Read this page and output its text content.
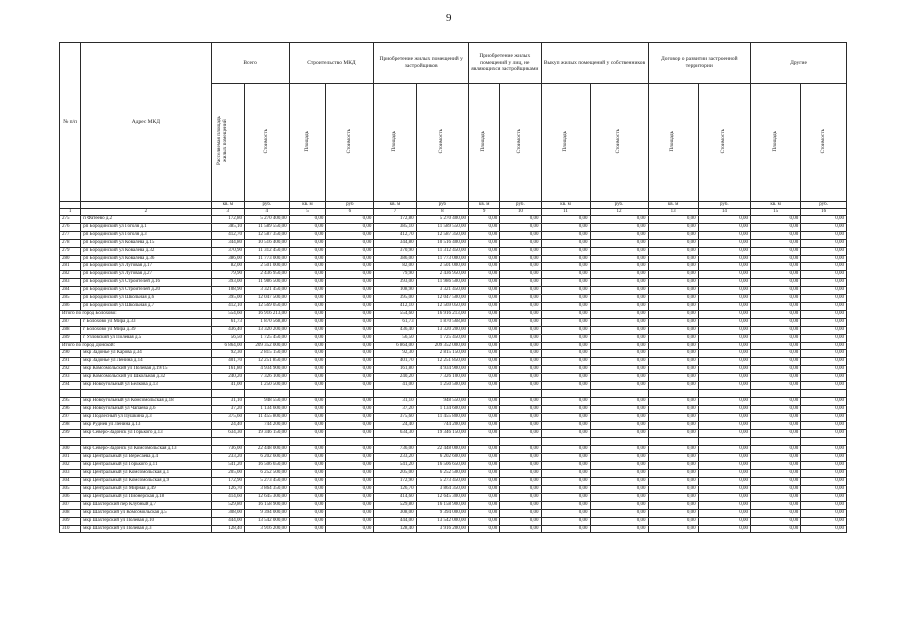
9
№ п/п	Адрес МКД	Всего		Строительство МКД		Приобретение жилых помещений у застройщиков		Приобретение жилых помещений у лиц, не являющихся застройщиками		Выкуп жилых помещений у собственников		Договор о развитии застроенной территории		Другие	
		Расселяемая площадь жилых помещений	Стоимость	Площадь	Стоимость	Площадь	Стоимость	Площадь	Стоимость	Площадь	Стоимость	Площадь	Стоимость	Площадь	Стоимость
		кв. м	руб.	кв. м	руб	кв. м	руб	кв. м	руб.	кв. м	руб.	кв. м	руб.	кв. м	руб.
1	2	3	4	5	6	7	8	9	10	11	12	13	14	15	16
275	п Фатеево д.2	172,80	5 270 400,00	0,00	0,00	172,80	5 270 400,00	0,00	0,00	0,00	0,00	0,00	0,00	0,00	0,00
276	рп Бородинский ул Гоголя д.1	385,10	11 589 550,00	0,00	0,00	385,10	11 589 550,00	0,00	0,00	0,00	0,00	0,00	0,00	0,00	0,00
277	рп Бородинский ул Гоголя д.3	412,70	12 587 350,00	0,00	0,00	412,70	12 587 350,00	0,00	0,00	0,00	0,00	0,00	0,00	0,00	0,00
278	рп Бородинский ул Ковалева д.15	344,80	10 516 400,00	0,00	0,00	344,80	10 516 400,00	0,00	0,00	0,00	0,00	0,00	0,00	0,00	0,00
279	рп Бородинский ул Ковалева д.32	370,90	11 312 450,00	0,00	0,00	370,90	11 312 450,00	0,00	0,00	0,00	0,00	0,00	0,00	0,00	0,00
280	рп Бородинский ул Ковалева д.36	386,00	11 773 000,00	0,00	0,00	386,00	11 773 000,00	0,00	0,00	0,00	0,00	0,00	0,00	0,00	0,00
281	рп Бородинский ул Луговая д.17	82,00	2 501 000,00	0,00	0,00	82,00	2 501 000,00	0,00	0,00	0,00	0,00	0,00	0,00	0,00	0,00
282	рп Бородинский ул Луговая д.27	79,90	2 436 950,00	0,00	0,00	79,90	2 436 950,00	0,00	0,00	0,00	0,00	0,00	0,00	0,00	0,00
283	рп Бородинский ул Строителей д.16	393,00	11 986 500,00	0,00	0,00	393,00	11 986 500,00	0,00	0,00	0,00	0,00	0,00	0,00	0,00	0,00
284	рп Бородинский ул Строителей д.20	108,90	3 321 450,00	0,00	0,00	108,90	3 321 450,00	0,00	0,00	0,00	0,00	0,00	0,00	0,00	0,00
285	рп Бородинский ул Школьная д.6	395,00	12 047 500,00	0,00	0,00	395,00	12 047 500,00	0,00	0,00	0,00	0,00	0,00	0,00	0,00	0,00
286	рп Бородинский ул Школьная д.7	412,10	12 569 050,00	0,00	0,00	412,10	12 569 050,00	0,00	0,00	0,00	0,00	0,00	0,00	0,00	0,00
Итого по город Болохово:		554,60	16 916 213,00	0,00	0,00	554,60	16 916 213,00	0,00	0,00	0,00	0,00	0,00	0,00	0,00	0,00
287	г Болохово ул Мира д.33	61,73	1 870 568,80	0,00	0,00	61,73	1 870 568,80	0,00	0,00	0,00	0,00	0,00	0,00	0,00	0,00
288	г Болохово ул Мира д.39	436,40	13 320 200,00	0,00	0,00	436,40	13 320 200,00	0,00	0,00	0,00	0,00	0,00	0,00	0,00	0,00
289	г Узловский ул Полевая д.5	56,50	1 725 450,00	0,00	0,00	56,50	1 725 450,00	0,00	0,00	0,00	0,00	0,00	0,00	0,00	0,00
Итого по город Донской:		6 864,00	209 352 000,00	0,00	0,00	6 864,00	209 352 000,00	0,00	0,00	0,00	0,00	0,00	0,00	0,00	0,00
290	мкр Задонье ул Карова д.34	92,30	2 815 150,00	0,00	0,00	92,30	2 815 150,00	0,00	0,00	0,00	0,00	0,00	0,00	0,00	0,00
291	мкр Задонье ул Ленина д.14	401,70	12 251 850,00	0,00	0,00	401,70	12 251 850,00	0,00	0,00	0,00	0,00	0,00	0,00	0,00	0,00
292	мкр Комсомольский ул Полевая д.19/15	161,80	4 934 900,00	0,00	0,00	161,80	4 934 900,00	0,00	0,00	0,00	0,00	0,00	0,00	0,00	0,00
293	мкр Комсомольский ул Школьная д.32	240,20	7 326 100,00	0,00	0,00	240,20	7 326 100,00	0,00	0,00	0,00	0,00	0,00	0,00	0,00	0,00
294	мкр Новоугольный ул Белкова д.13	41,00	1 250 500,00	0,00	0,00	41,00	1 250 500,00	0,00	0,00	0,00	0,00	0,00	0,00	0,00	0,00

295	мкр Новоугольный ул Комсомольская д.18	31,10	948 550,00	0,00	0,00	31,10	948 550,00	0,00	0,00	0,00	0,00	0,00	0,00	0,00	0,00
296	мкр Новоугольный ул Чапаева д.6	37,20	1 134 600,00	0,00	0,00	37,20	1 134 600,00	0,00	0,00	0,00	0,00	0,00	0,00	0,00	0,00
297	мкр Подлесный ул Пушкина д.3	375,60	11 455 800,00	0,00	0,00	375,60	11 455 800,00	0,00	0,00	0,00	0,00	0,00	0,00	0,00	0,00
298	мкр Руднев ул Ленина д.13	24,40	744 200,00	0,00	0,00	24,40	744 200,00	0,00	0,00	0,00	0,00	0,00	0,00	0,00	0,00
299	мкр Северо-Задонск ул Горького д.13	634,30	19 346 150,00	0,00	0,00	634,30	19 346 150,00	0,00	0,00	0,00	0,00	0,00	0,00	0,00	0,00

300	мкр Северо-Задонск ул Комсомольская д.13	736,00	22 448 000,00	0,00	0,00	736,00	22 448 000,00	0,00	0,00	0,00	0,00	0,00	0,00	0,00	0,00
301	мкр Центральный ул Вересаева д.4	233,20	6 202 600,00	0,00	0,00	233,20	6 202 600,00	0,00	0,00	0,00	0,00	0,00	0,00	0,00	0,00
302	мкр Центральный ул Горького д.11	541,20	16 506 650,00	0,00	0,00	541,20	16 506 650,00	0,00	0,00	0,00	0,00	0,00	0,00	0,00	0,00
303	мкр Центральный ул Комсомольская д.1	205,00	6 252 500,00	0,00	0,00	205,00	6 252 500,00	0,00	0,00	0,00	0,00	0,00	0,00	0,00	0,00
304	мкр Центральный ул Комсомольская д.9	172,90	5 273 450,00	0,00	0,00	172,90	5 273 450,00	0,00	0,00	0,00	0,00	0,00	0,00	0,00	0,00
305	мкр Центральный ул Мирная д.49	126,70	3 864 350,00	0,00	0,00	126,70	3 864 350,00	0,00	0,00	0,00	0,00	0,00	0,00	0,00	0,00
306	мкр Центральный ул Пионерская д.18	414,60	12 645 300,00	0,00	0,00	414,60	12 645 300,00	0,00	0,00	0,00	0,00	0,00	0,00	0,00	0,00
307	мкр Шахтерский пер Клубный д.7	529,80	16 158 900,00	0,00	0,00	529,80	16 158 900,00	0,00	0,00	0,00	0,00	0,00	0,00	0,00	0,00
308	мкр Шахтерский ул Комсомольская д.5	308,00	9 394 000,00	0,00	0,00	308,00	9 394 000,00	0,00	0,00	0,00	0,00	0,00	0,00	0,00	0,00
309	мкр Шахтерский ул Полевая д.10	444,00	13 542 000,00	0,00	0,00	444,00	13 542 000,00	0,00	0,00	0,00	0,00	0,00	0,00	0,00	0,00
310	мкр Шахтерский ул Полевая д.3	128,40	3 916 200,00	0,00	0,00	128,40	3 916 200,00	0,00	0,00	0,00	0,00	0,00	0,00	0,00	0,00
